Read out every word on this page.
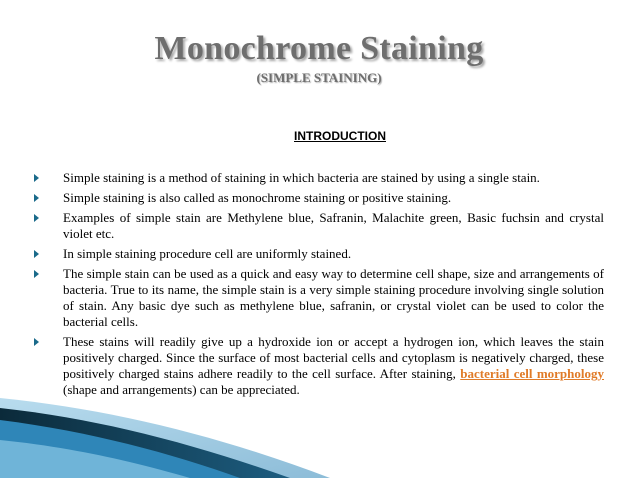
Monochrome Staining
(SIMPLE STAINING)
INTRODUCTION
Simple staining is a method of staining in which bacteria are stained by using a single stain.
Simple staining is also called as monochrome staining or positive staining.
Examples of simple stain are Methylene blue, Safranin, Malachite green, Basic fuchsin and crystal violet etc.
In simple staining procedure cell are uniformly stained.
The simple stain can be used as a quick and easy way to determine cell shape, size and arrangements of bacteria. True to its name, the simple stain is a very simple staining procedure involving single solution of stain. Any basic dye such as methylene blue, safranin, or crystal violet can be used to color the bacterial cells.
These stains will readily give up a hydroxide ion or accept a hydrogen ion, which leaves the stain positively charged. Since the surface of most bacterial cells and cytoplasm is negatively charged, these positively charged stains adhere readily to the cell surface. After staining, bacterial cell morphology (shape and arrangements) can be appreciated.
